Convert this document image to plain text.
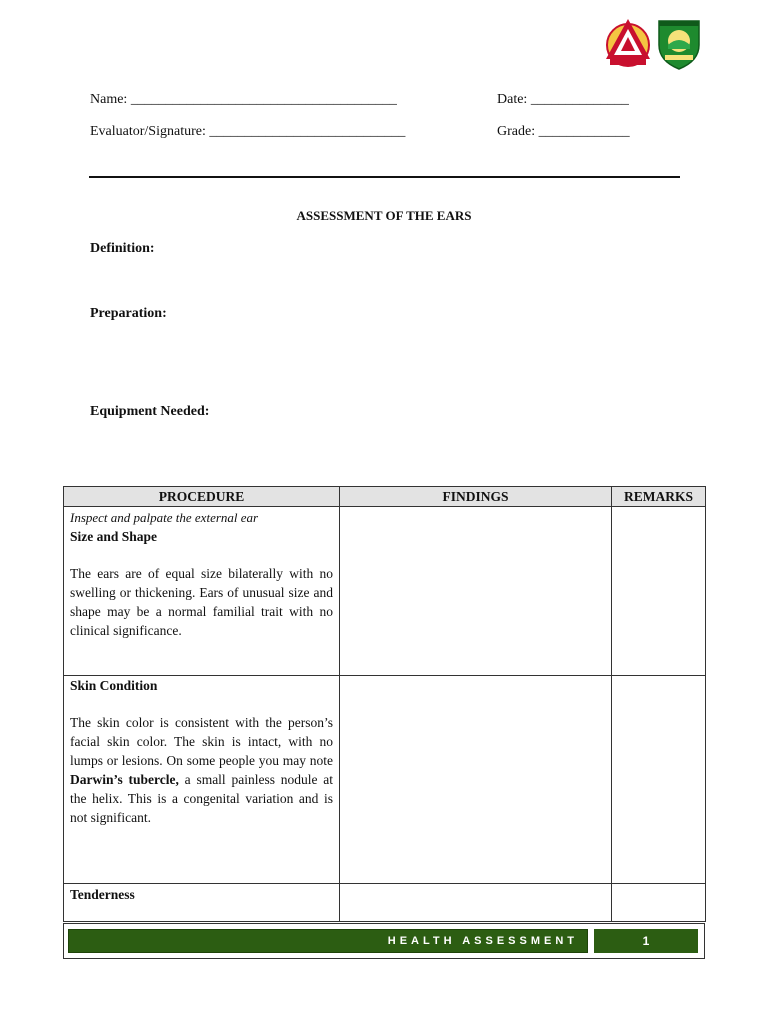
Name: ______________________________________	Date: ______________
Evaluator/Signature: ____________________________	Grade: _____________
ASSESSMENT OF THE EARS
Definition:
Preparation:
Equipment Needed:
PROCEDURE	FINDINGS	REMARKS

Inspect and palpate the external ear
Size and Shape
The ears are of equal size bilaterally with no swelling or thickening. Ears of unusual size and shape may be a normal familial trait with no clinical significance.		

Skin Condition
The skin color is consistent with the person’s facial skin color. The skin is intact, with no lumps or lesions. On some people you may note Darwin’s tubercle, a small painless nodule at the helix. This is a congenital variation and is not significant.		

Tenderness		

HEALTH ASSESSMENT	1
